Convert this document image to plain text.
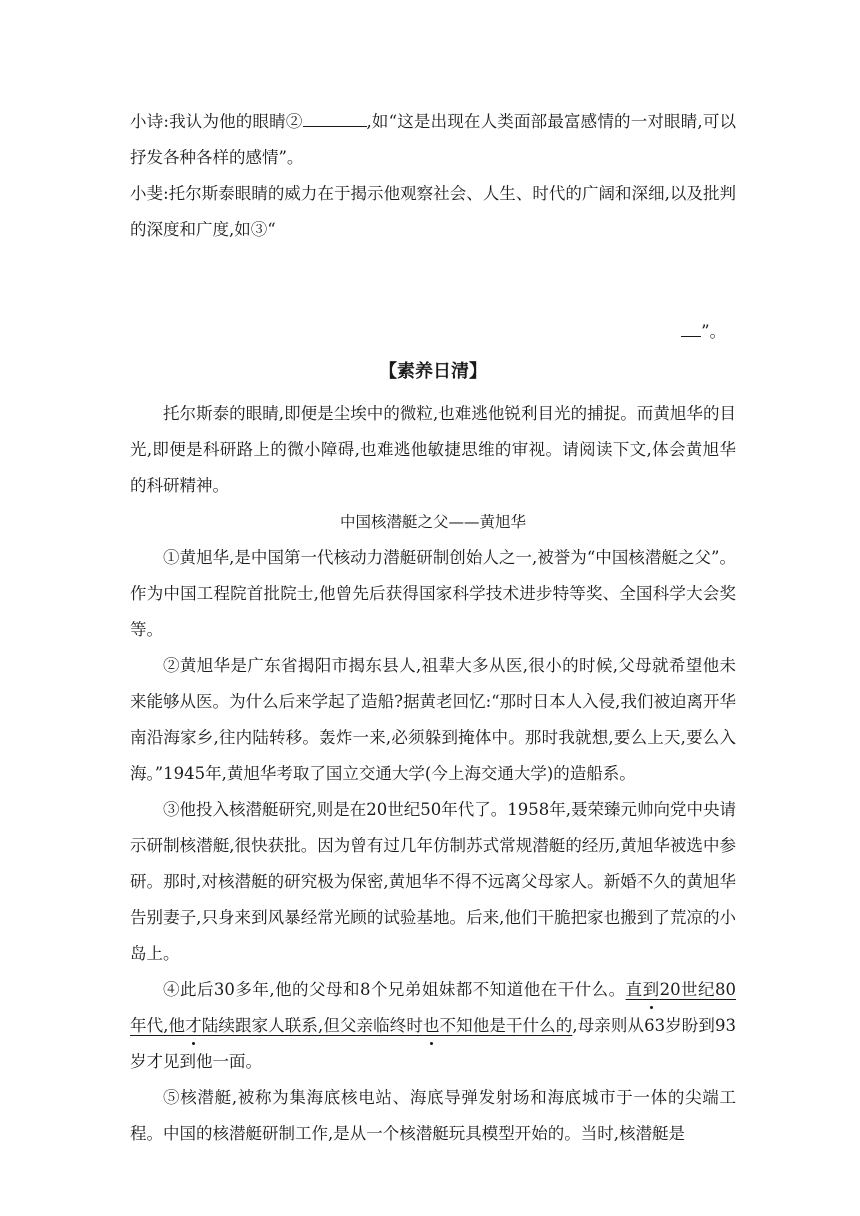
小诗:我认为他的眼睛②	,如“这是出现在人类面部最富感情的一对眼睛,可以抒发各种各样的感情”。

小斐:托尔斯泰眼睛的威力在于揭示他观察社会、人生、时代的广阔和深细,以及批判的深度和广度,如③“

”。

【素养日清】

托尔斯泰的眼睛,即便是尘埃中的微粒,也难逃他锐利目光的捕捉。而黄旭华的目光,即便是科研路上的微小障碍,也难逃他敏捷思维的审视。请阅读下文,体会黄旭华的科研精神。

中国核潜艇之父——黄旭华

①黄旭华,是中国第一代核动力潜艇研制创始人之一,被誉为“中国核潜艇之父”。作为中国工程院首批院士,他曾先后获得国家科学技术进步特等奖、全国科学大会奖等。

②黄旭华是广东省揭阳市揭东县人,祖辈大多从医,很小的时候,父母就希望他未来能够从医。为什么后来学起了造船?据黄老回忆:“那时日本人入侵,我们被迫离开华南沿海家乡,往内陆转移。轰炸一来,必须躲到掩体中。那时我就想,要么上天,要么入海。”1945年,黄旭华考取了国立交通大学(今上海交通大学)的造船系。

③他投入核潜艇研究,则是在20世纪50年代了。1958年,聂荣臻元帅向党中央请示研制核潜艇,很快获批。因为曾有过几年仿制苏式常规潜艇的经历,黄旭华被选中参研。那时,对核潜艇的研究极为保密,黄旭华不得不远离父母家人。新婚不久的黄旭华告别妻子,只身来到风暴经常光顾的试验基地。后来,他们干脆把家也搬到了荒凉的小岛上。

④此后30多年,他的父母和8个兄弟姐妹都不知道他在干什么。直到20世纪80年代,他才陆续跟家人联系,但父亲临终时也不知他是干什么的,母亲则从63岁盼到93岁才见到他一面。

⑤核潜艇,被称为集海底核电站、海底导弹发射场和海底城市于一体的尖端工程。中国的核潜艇研制工作,是从一个核潜艇玩具模型开始的。当时,核潜艇是
